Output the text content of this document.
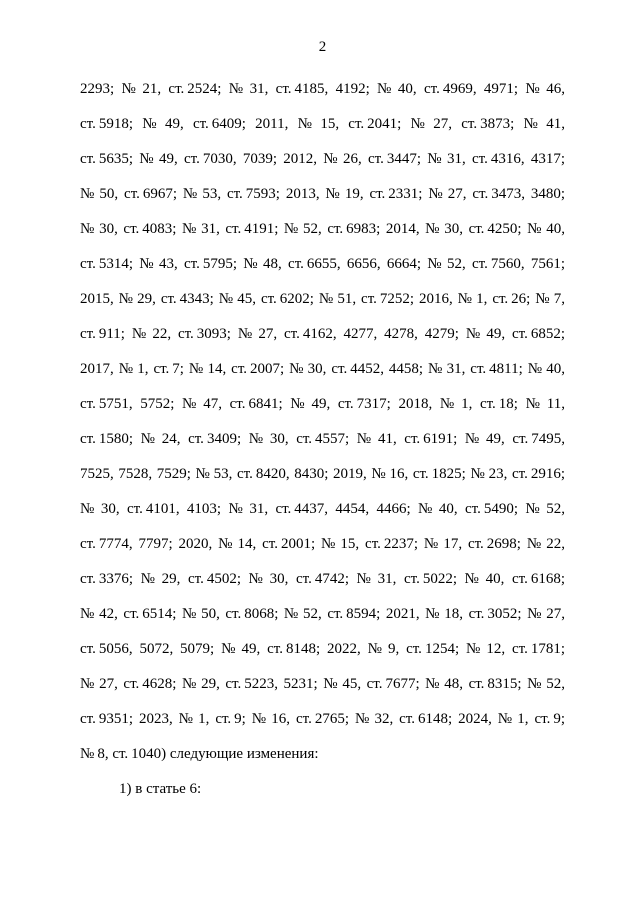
2
2293; № 21, ст. 2524; № 31, ст. 4185, 4192; № 40, ст. 4969, 4971; № 46,
ст. 5918; № 49, ст. 6409; 2011, № 15, ст. 2041; № 27, ст. 3873; № 41,
ст. 5635; № 49, ст. 7030, 7039; 2012, № 26, ст. 3447; № 31, ст. 4316, 4317;
№ 50, ст. 6967; № 53, ст. 7593; 2013, № 19, ст. 2331; № 27, ст. 3473, 3480;
№ 30, ст. 4083; № 31, ст. 4191; № 52, ст. 6983; 2014, № 30, ст. 4250; № 40,
ст. 5314; № 43, ст. 5795; № 48, ст. 6655, 6656, 6664; № 52, ст. 7560, 7561;
2015, № 29, ст. 4343; № 45, ст. 6202; № 51, ст. 7252; 2016, № 1, ст. 26; № 7,
ст. 911; № 22, ст. 3093; № 27, ст. 4162, 4277, 4278, 4279; № 49, ст. 6852;
2017, № 1, ст. 7; № 14, ст. 2007; № 30, ст. 4452, 4458; № 31, ст. 4811; № 40,
ст. 5751, 5752; № 47, ст. 6841; № 49, ст. 7317; 2018, № 1, ст. 18; № 11,
ст. 1580; № 24, ст. 3409; № 30, ст. 4557; № 41, ст. 6191; № 49, ст. 7495,
7525, 7528, 7529; № 53, ст. 8420, 8430; 2019, № 16, ст. 1825; № 23, ст. 2916;
№ 30, ст. 4101, 4103; № 31, ст. 4437, 4454, 4466; № 40, ст. 5490; № 52,
ст. 7774, 7797; 2020, № 14, ст. 2001; № 15, ст. 2237; № 17, ст. 2698; № 22,
ст. 3376; № 29, ст. 4502; № 30, ст. 4742; № 31, ст. 5022; № 40, ст. 6168;
№ 42, ст. 6514; № 50, ст. 8068; № 52, ст. 8594; 2021, № 18, ст. 3052; № 27,
ст. 5056, 5072, 5079; № 49, ст. 8148; 2022, № 9, ст. 1254; № 12, ст. 1781;
№ 27, ст. 4628; № 29, ст. 5223, 5231; № 45, ст. 7677; № 48, ст. 8315; № 52,
ст. 9351; 2023, № 1, ст. 9; № 16, ст. 2765; № 32, ст. 6148; 2024, № 1, ст. 9;
№ 8, ст. 1040) следующие изменения:
1) в статье 6:
